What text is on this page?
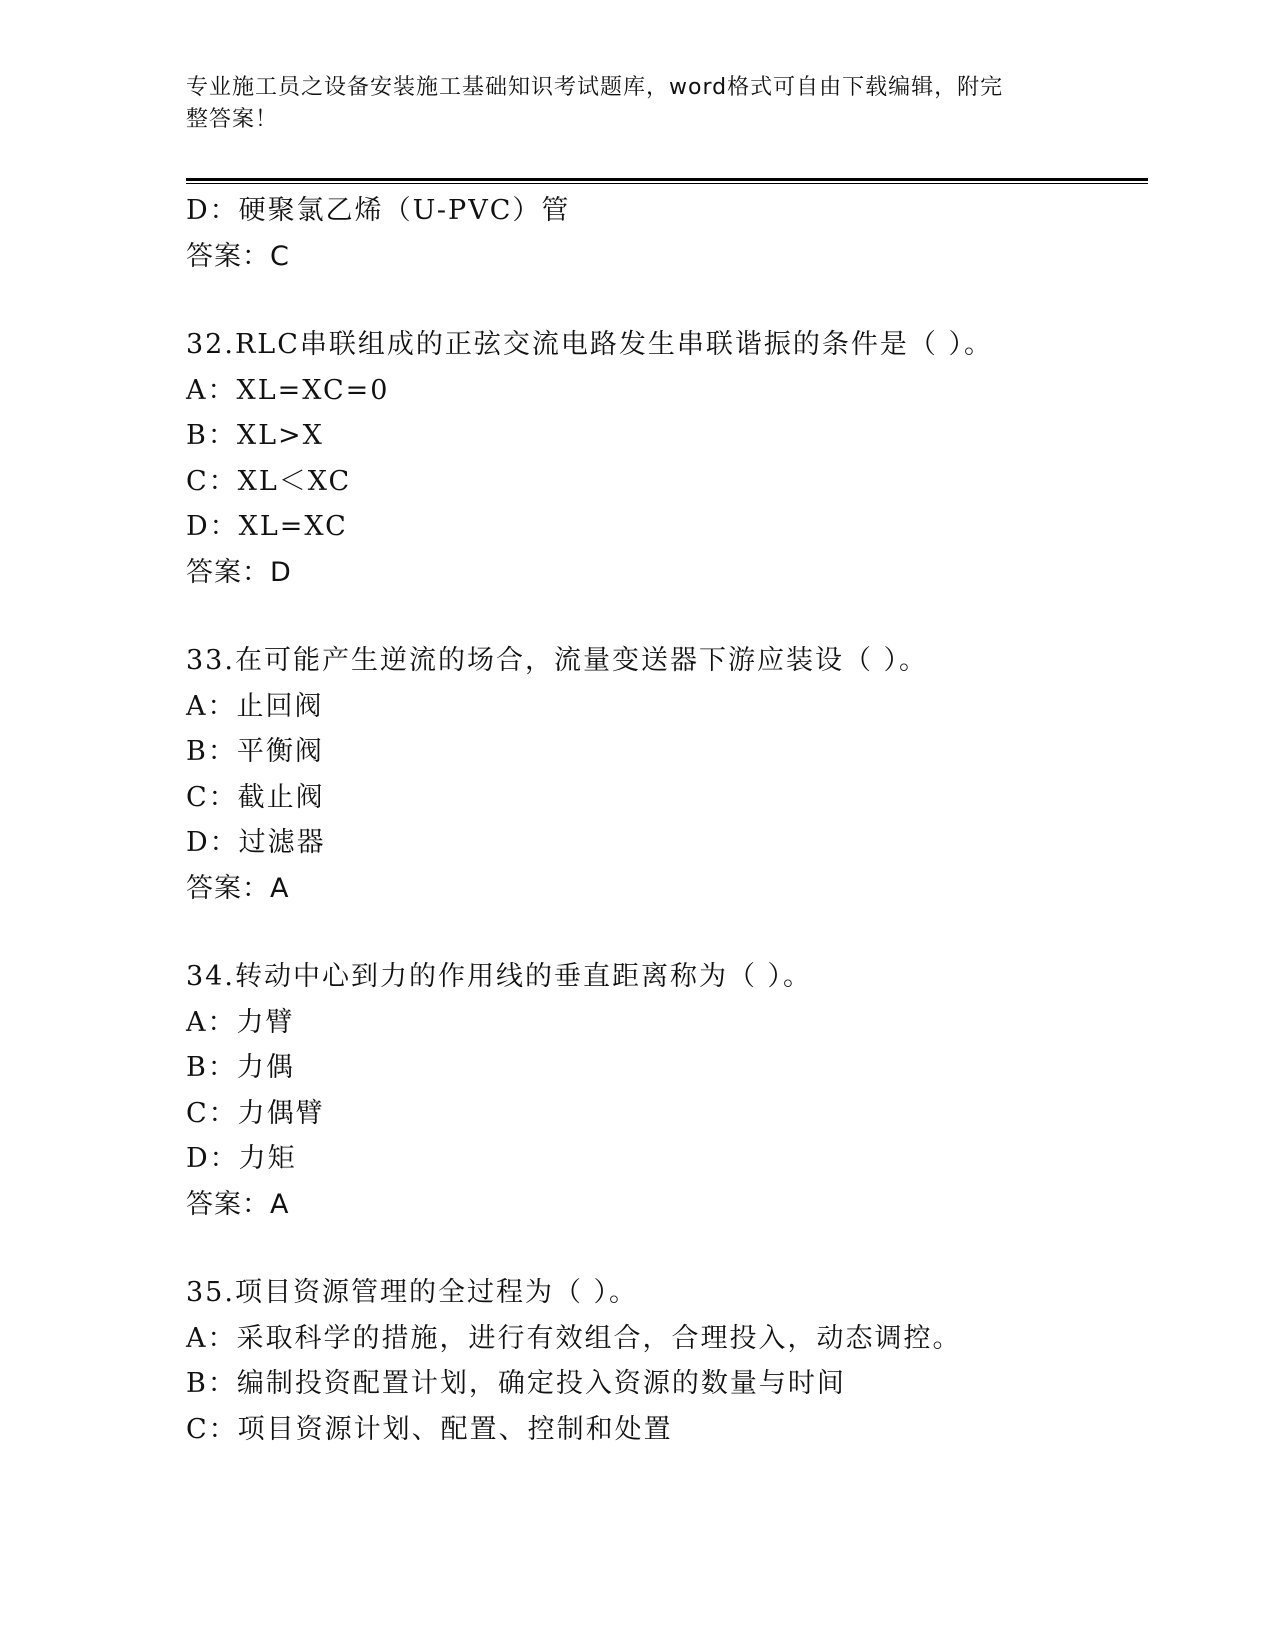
专业施工员之设备安装施工基础知识考试题库，word格式可自由下载编辑，附完
整答案！
D：硬聚氯乙烯（U-PVC）管
答案：C
32.RLC串联组成的正弦交流电路发生串联谐振的条件是（ ）。
A：XL=XC=0
B：XL>X
C：XL＜XC
D：XL=XC
答案：D
33.在可能产生逆流的场合，流量变送器下游应装设（ ）。
A：止回阀
B：平衡阀
C：截止阀
D：过滤器
答案：A
34.转动中心到力的作用线的垂直距离称为（ ）。
A：力臂
B：力偶
C：力偶臂
D：力矩
答案：A
35.项目资源管理的全过程为（ ）。
A：采取科学的措施，进行有效组合，合理投入，动态调控。
B：编制投资配置计划，确定投入资源的数量与时间
C：项目资源计划、配置、控制和处置
